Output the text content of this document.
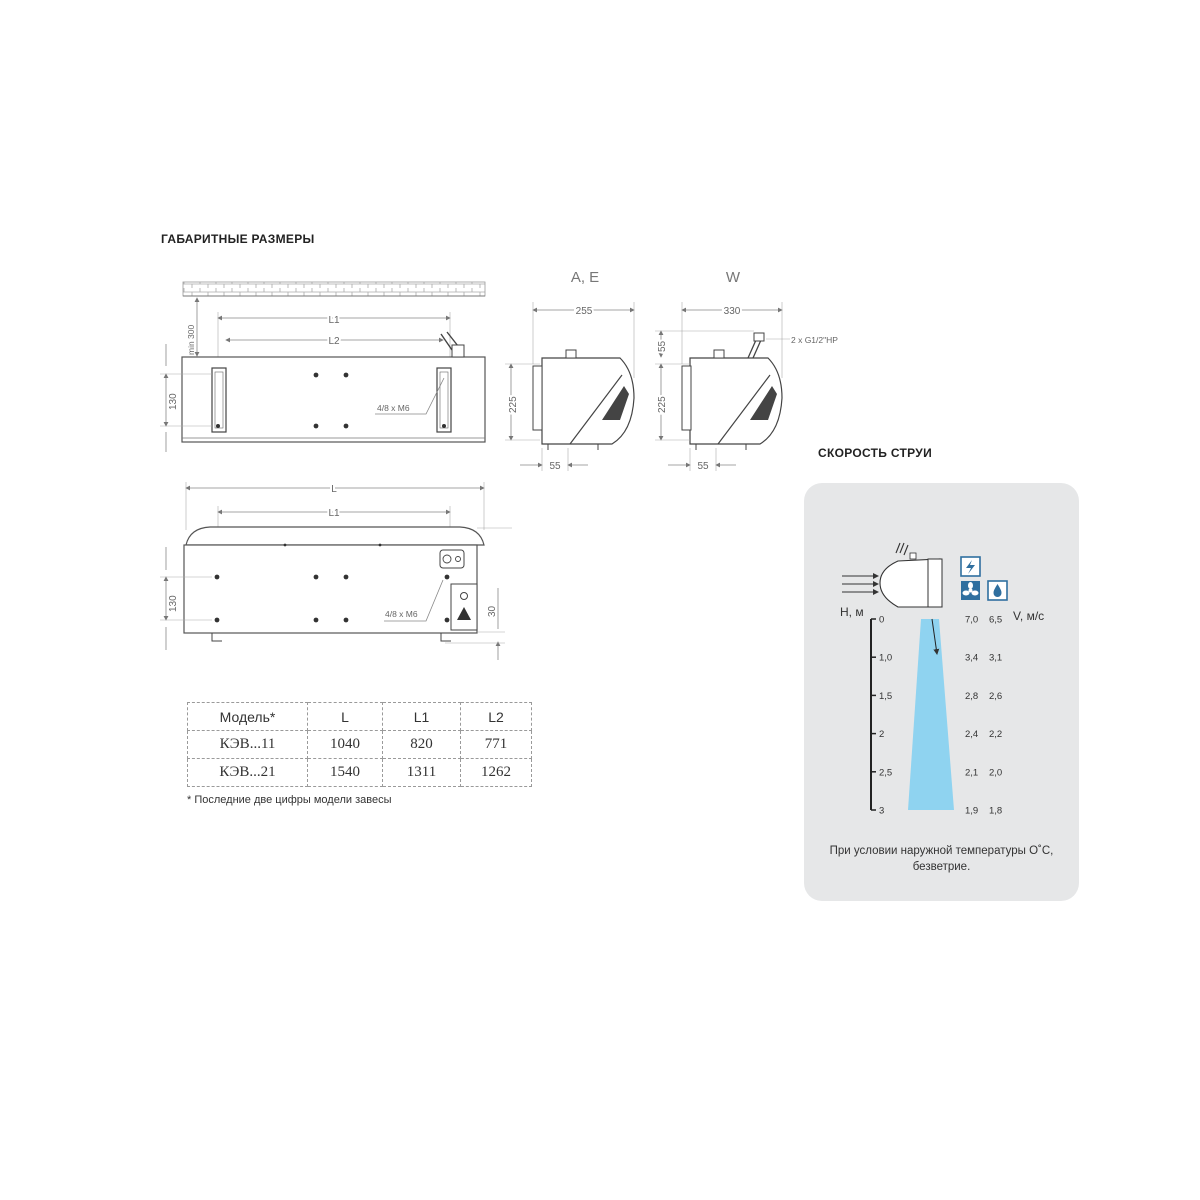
ГАБАРИТНЫЕ РАЗМЕРЫ
min 300
L1
L2
130	4/8 x M6
L
L1
130
4/8 x M6	30
A, E
255
225
55
W
330
2 x G1/2"HP
55
225
55
Модель*	L	L1	L2
КЭВ...11	1040	820	771
КЭВ...21	1540	1311	1262
* Последние две цифры модели завесы
СКОРОСТЬ СТРУИ
H, м	V, м/с
0	7,0 6,5
1,0	3,4 3,1
1,5	2,8 2,6
2	2,4 2,2
2,5	2,1 2,0
3	1,9 1,8
При условии наружной температуры О˚С, безветрие.
